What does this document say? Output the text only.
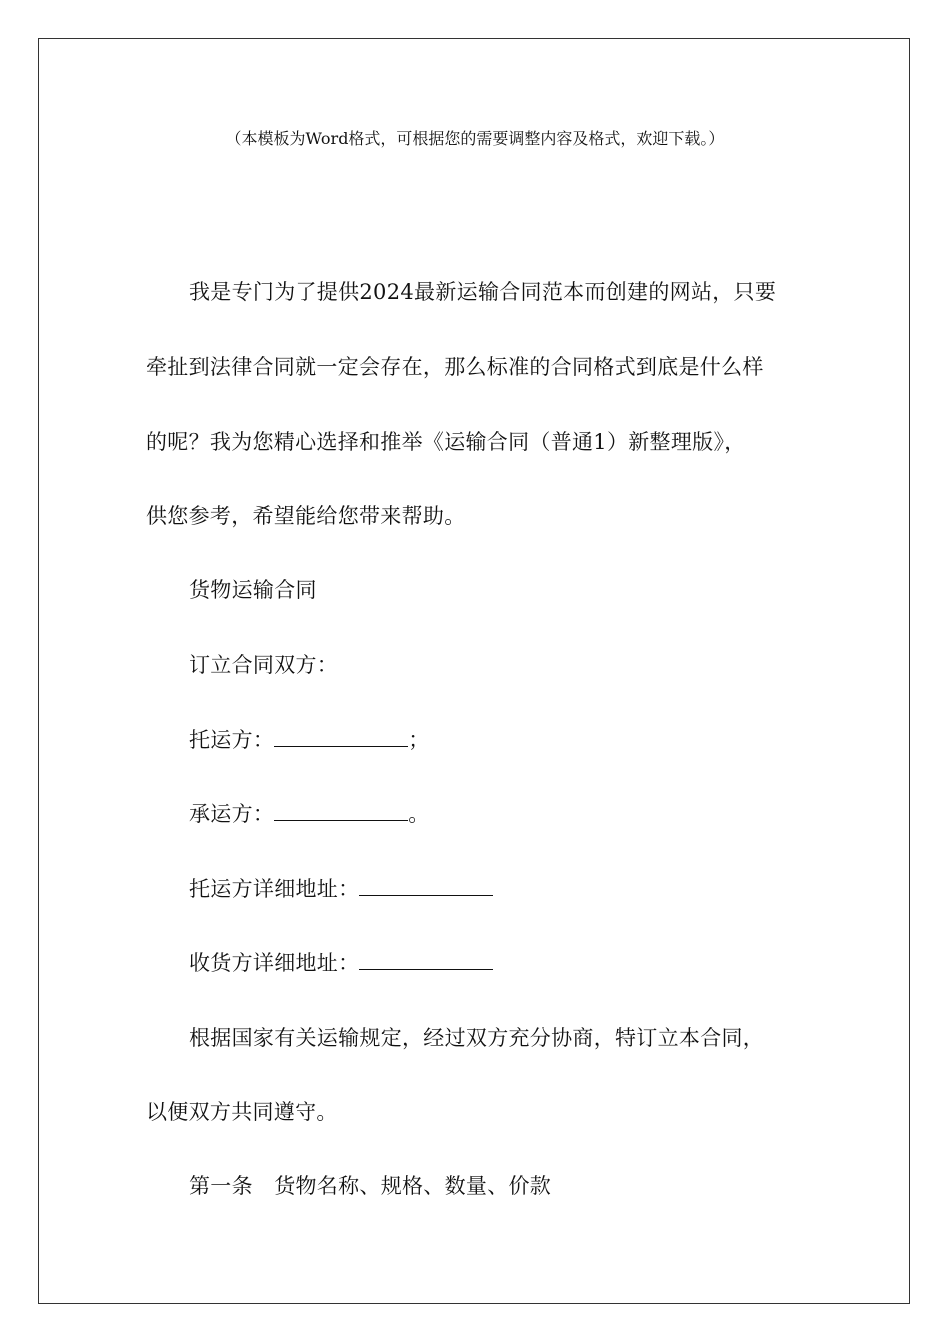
（本模板为Word格式，可根据您的需要调整内容及格式，欢迎下载。）
我是专门为了提供2024最新运输合同范本而创建的网站，只要
牵扯到法律合同就一定会存在，那么标准的合同格式到底是什么样
的呢？我为您精心选择和推举《运输合同（普通1）新整理版》，
供您参考，希望能给您带来帮助。
货物运输合同
订立合同双方：
托运方：	；
承运方：	。
托运方详细地址：
收货方详细地址：
根据国家有关运输规定，经过双方充分协商，特订立本合同，
以便双方共同遵守。
第一条　货物名称、规格、数量、价款
